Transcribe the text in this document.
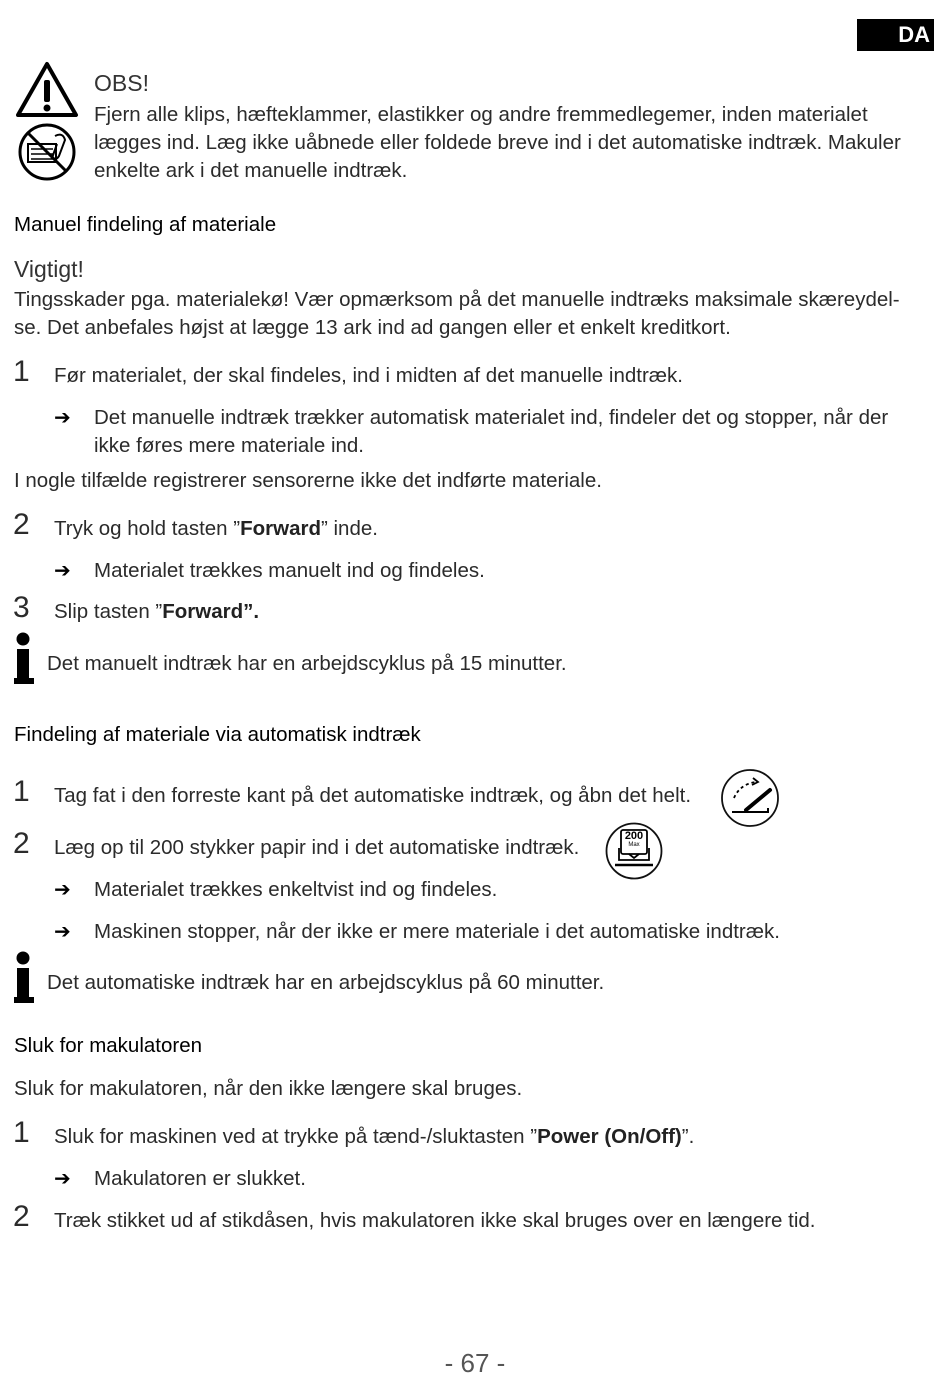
DA
OBS!
Fjern alle klips, hæfteklammer, elastikker og andre fremmedlegemer, inden materialet
lægges ind. Læg ikke uåbnede eller foldede breve ind i det automatiske indtræk. Makuler
enkelte ark i det manuelle indtræk.
Manuel findeling af materiale
Vigtigt!
Tingsskader pga. materialekø! Vær opmærksom på det manuelle indtræks maksimale skæreydel-
se. Det anbefales højst at lægge 13 ark ind ad gangen eller et enkelt kreditkort.
1 Før materialet, der skal findeles, ind i midten af det manuelle indtræk.
➔ Det manuelle indtræk trækker automatisk materialet ind, findeler det og stopper, når der
ikke føres mere materiale ind.
I nogle tilfælde registrerer sensorerne ikke det indførte materiale.
2 Tryk og hold tasten ”Forward” inde.
➔ Materialet trækkes manuelt ind og findeles.
3 Slip tasten ”Forward”.
Det manuelt indtræk har en arbejdscyklus på 15 minutter.
Findeling af materiale via automatisk indtræk
1 Tag fat i den forreste kant på det automatiske indtræk, og åbn det helt.
2 Læg op til 200 stykker papir ind i det automatiske indtræk.	200
Max
➔ Materialet trækkes enkeltvist ind og findeles.
➔ Maskinen stopper, når der ikke er mere materiale i det automatiske indtræk.
Det automatiske indtræk har en arbejdscyklus på 60 minutter.
Sluk for makulatoren
Sluk for makulatoren, når den ikke længere skal bruges.
1 Sluk for maskinen ved at trykke på tænd-/sluktasten ”Power (On/Off)”.
➔ Makulatoren er slukket.
2 Træk stikket ud af stikdåsen, hvis makulatoren ikke skal bruges over en længere tid.
- 67 -
